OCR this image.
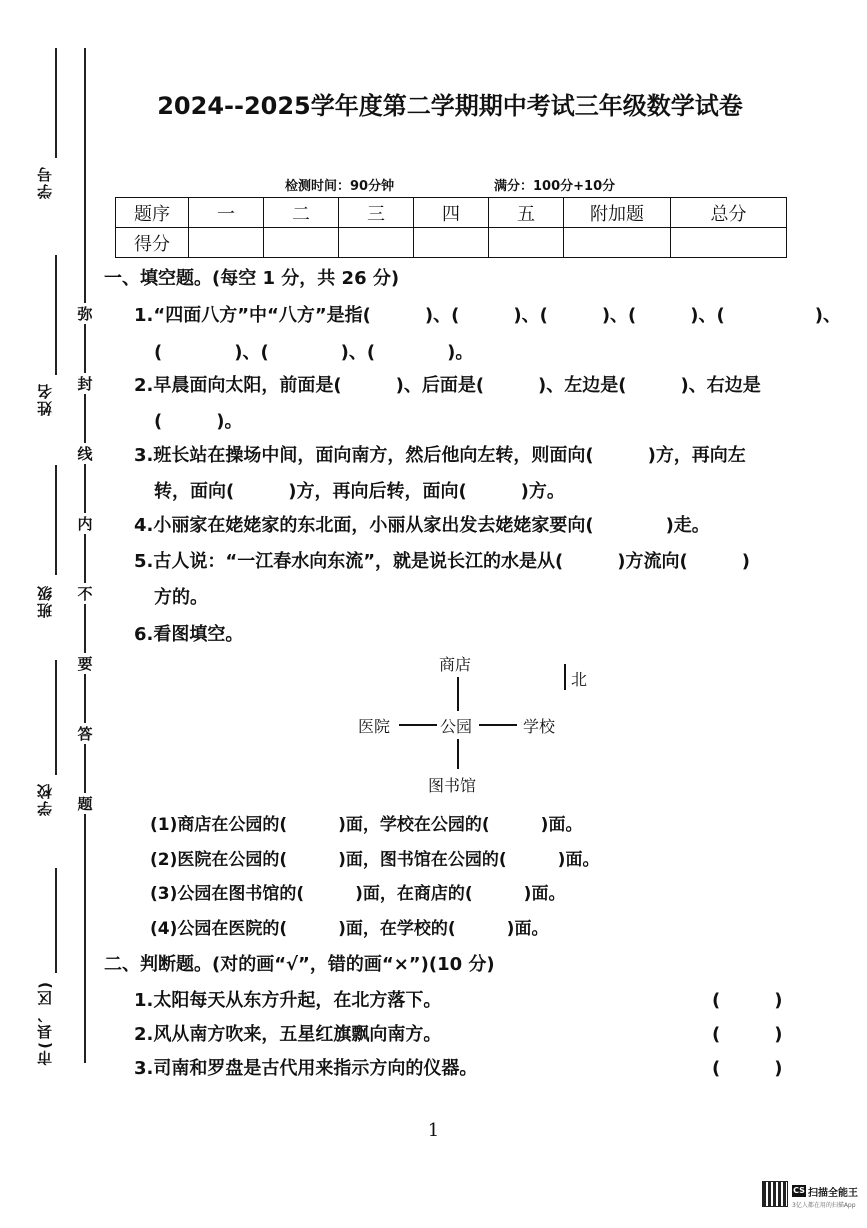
学号
姓名
班级
学校
市(县、区)
弥
封
线
内
不
要
答
题
2024--2025学年度第二学期期中考试三年级数学试卷
检测时间：90分钟	满分：100分+10分
题序	一	二	三	四	五	附加题	总分
得分							
一、填空题。(每空 1 分，共 26 分)
1.“四面八方”中“八方”是指(　　　)、(　　　)、(　　　)、(　　　)、(　　　　　)、
(　　　　)、(　　　　)、(　　　　)。
2.早晨面向太阳，前面是(　　　)、后面是(　　　)、左边是(　　　)、右边是
(　　　)。
3.班长站在操场中间，面向南方，然后他向左转，则面向(　　　)方，再向左
转，面向(　　　)方，再向后转，面向(　　　)方。
4.小丽家在姥姥家的东北面，小丽从家出发去姥姥家要向(　　　　)走。
5.古人说：“一江春水向东流”，就是说长江的水是从(　　　)方流向(　　　)
方的。
6.看图填空。
商店
医院	公园	学校
图书馆
北
(1)商店在公园的(　　　)面，学校在公园的(　　　)面。
(2)医院在公园的(　　　)面，图书馆在公园的(　　　)面。
(3)公园在图书馆的(　　　)面，在商店的(　　　)面。
(4)公园在医院的(　　　)面，在学校的(　　　)面。
二、判断题。(对的画“√”，错的画“×”)(10 分)
1.太阳每天从东方升起，在北方落下。	(　　　)
2.风从南方吹来，五星红旗飘向南方。	(　　　)
3.司南和罗盘是古代用来指示方向的仪器。	(　　　)
1
CS 扫描全能王
3亿人都在用的扫描App
